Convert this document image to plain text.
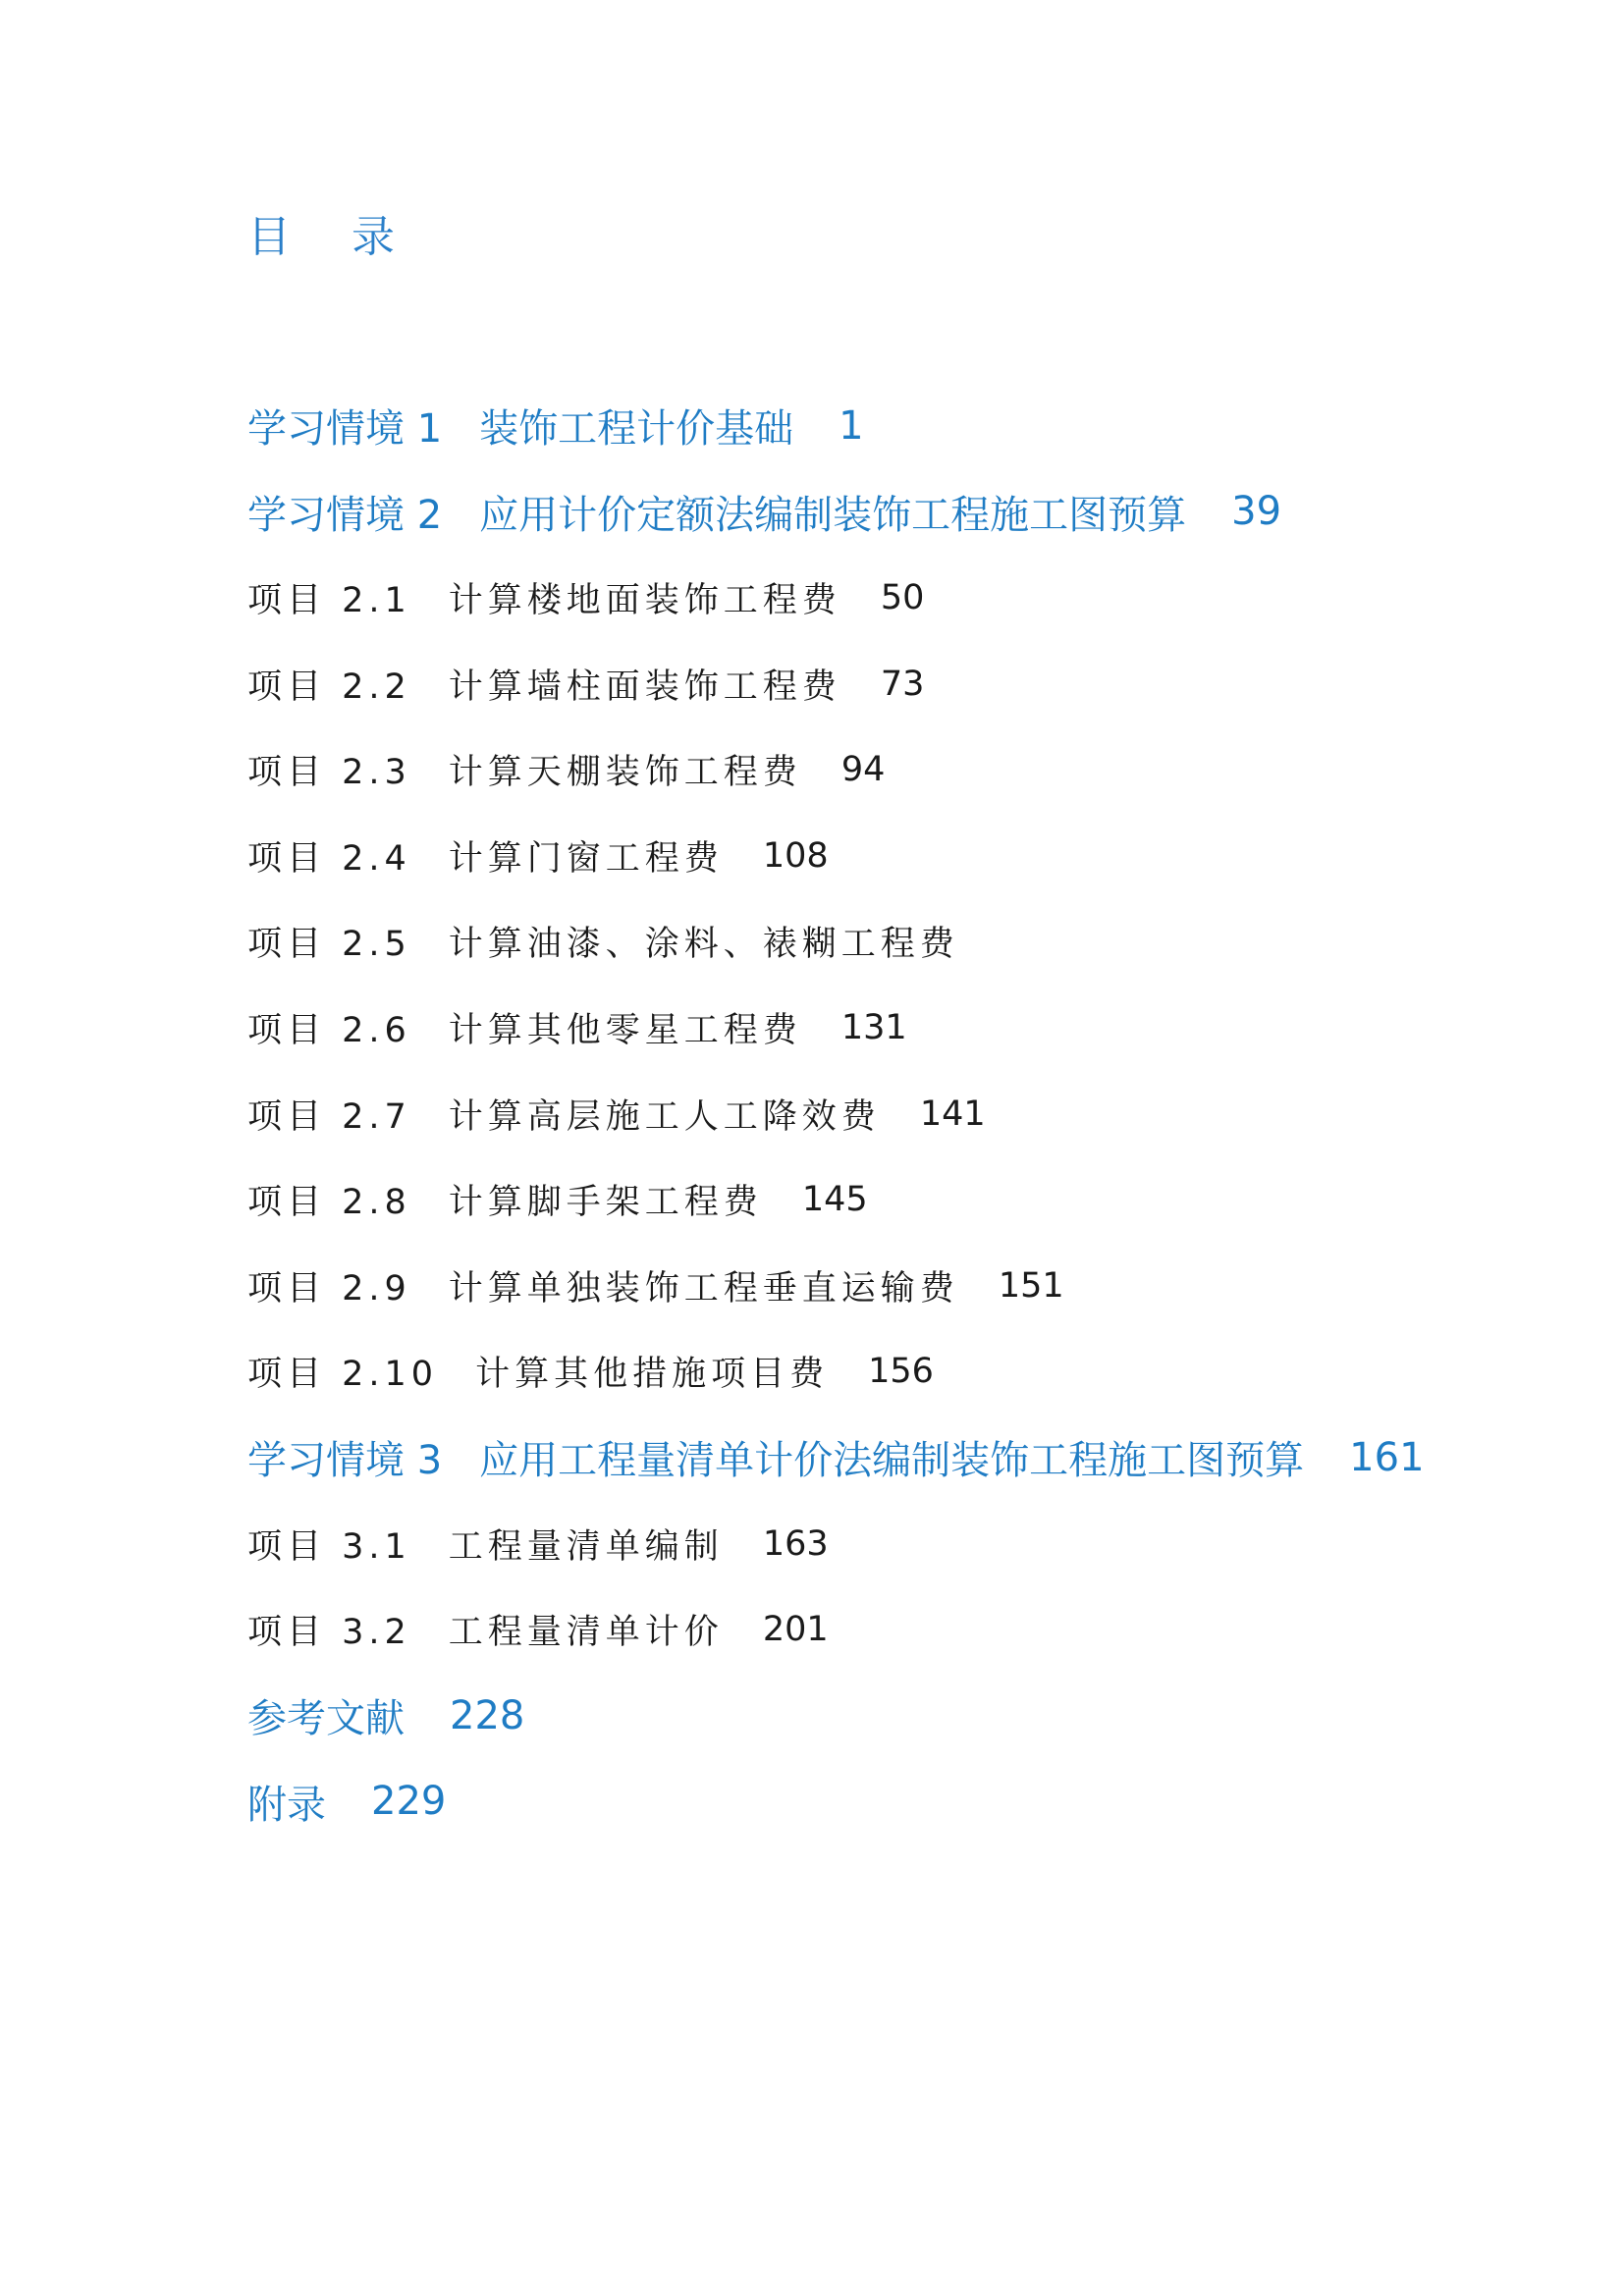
目 录
学习情境 1 装饰工程计价基础 1
学习情境 2 应用计价定额法编制装饰工程施工图预算 39
项目 2.1 计算楼地面装饰工程费 50
项目 2.2 计算墙柱面装饰工程费 73
项目 2.3 计算天棚装饰工程费 94
项目 2.4 计算门窗工程费 108
项目 2.5 计算油漆、涂料、裱糊工程费
项目 2.6 计算其他零星工程费 131
项目 2.7 计算高层施工人工降效费 141
项目 2.8 计算脚手架工程费 145
项目 2.9 计算单独装饰工程垂直运输费 151
项目 2.10 计算其他措施项目费 156
学习情境 3 应用工程量清单计价法编制装饰工程施工图预算 161
项目 3.1 工程量清单编制 163
项目 3.2 工程量清单计价 201
参考文献 228
附录 229
